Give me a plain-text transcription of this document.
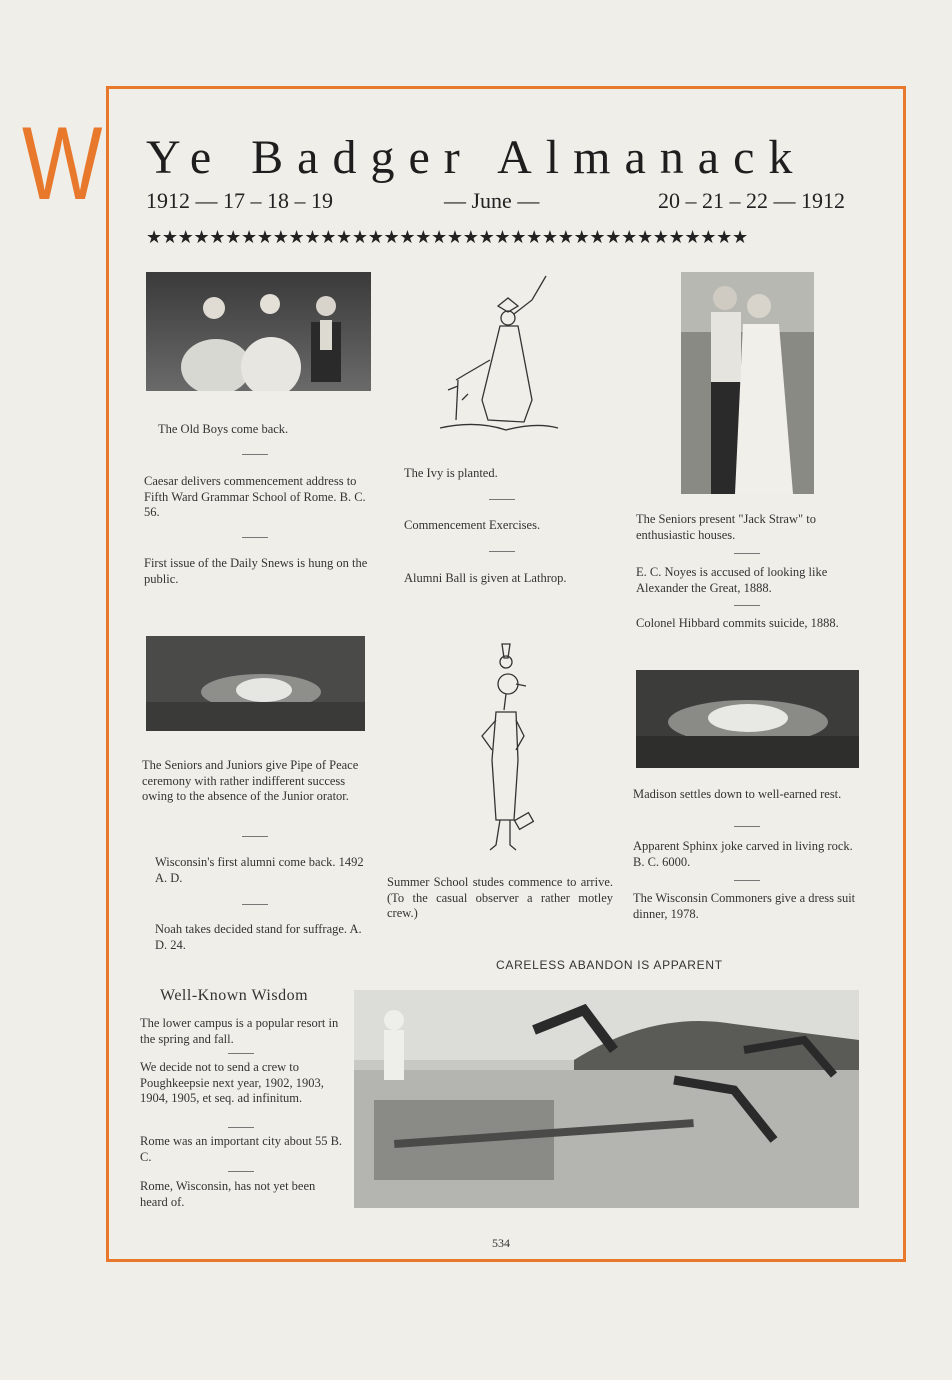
W Ye Badger Almanack
1912 — 17 – 18 – 19	— June —	20 – 21 – 22 — 1912
★★★★★★★★★★★★★★★★★★★★★★★★★★★★★★★★★★★★★★
The Old Boys come back.
Caesar delivers commencement address to Fifth Ward Grammar School of Rome. B. C. 56.
First issue of the Daily Snews is hung on the public.
The Seniors and Juniors give Pipe of Peace ceremony with rather indifferent success owing to the absence of the Junior orator.
Wisconsin's first alumni come back. 1492 A. D.
Noah takes decided stand for suffrage. A. D. 24.
The Ivy is planted.
Commencement Exercises.
Alumni Ball is given at Lathrop.
Summer School studes commence to arrive. (To the casual observer a rather motley crew.)
The Seniors present "Jack Straw" to enthusiastic houses.
E. C. Noyes is accused of looking like Alexander the Great, 1888.
Colonel Hibbard commits suicide, 1888.
Madison settles down to well-earned rest.
Apparent Sphinx joke carved in living rock. B. C. 6000.
The Wisconsin Commoners give a dress suit dinner, 1978.
CARELESS ABANDON IS APPARENT
Well-Known Wisdom
The lower campus is a popular resort in the spring and fall.
We decide not to send a crew to Poughkeepsie next year, 1902, 1903, 1904, 1905, et seq. ad infinitum.
Rome was an important city about 55 B. C.
Rome, Wisconsin, has not yet been heard of.
534
